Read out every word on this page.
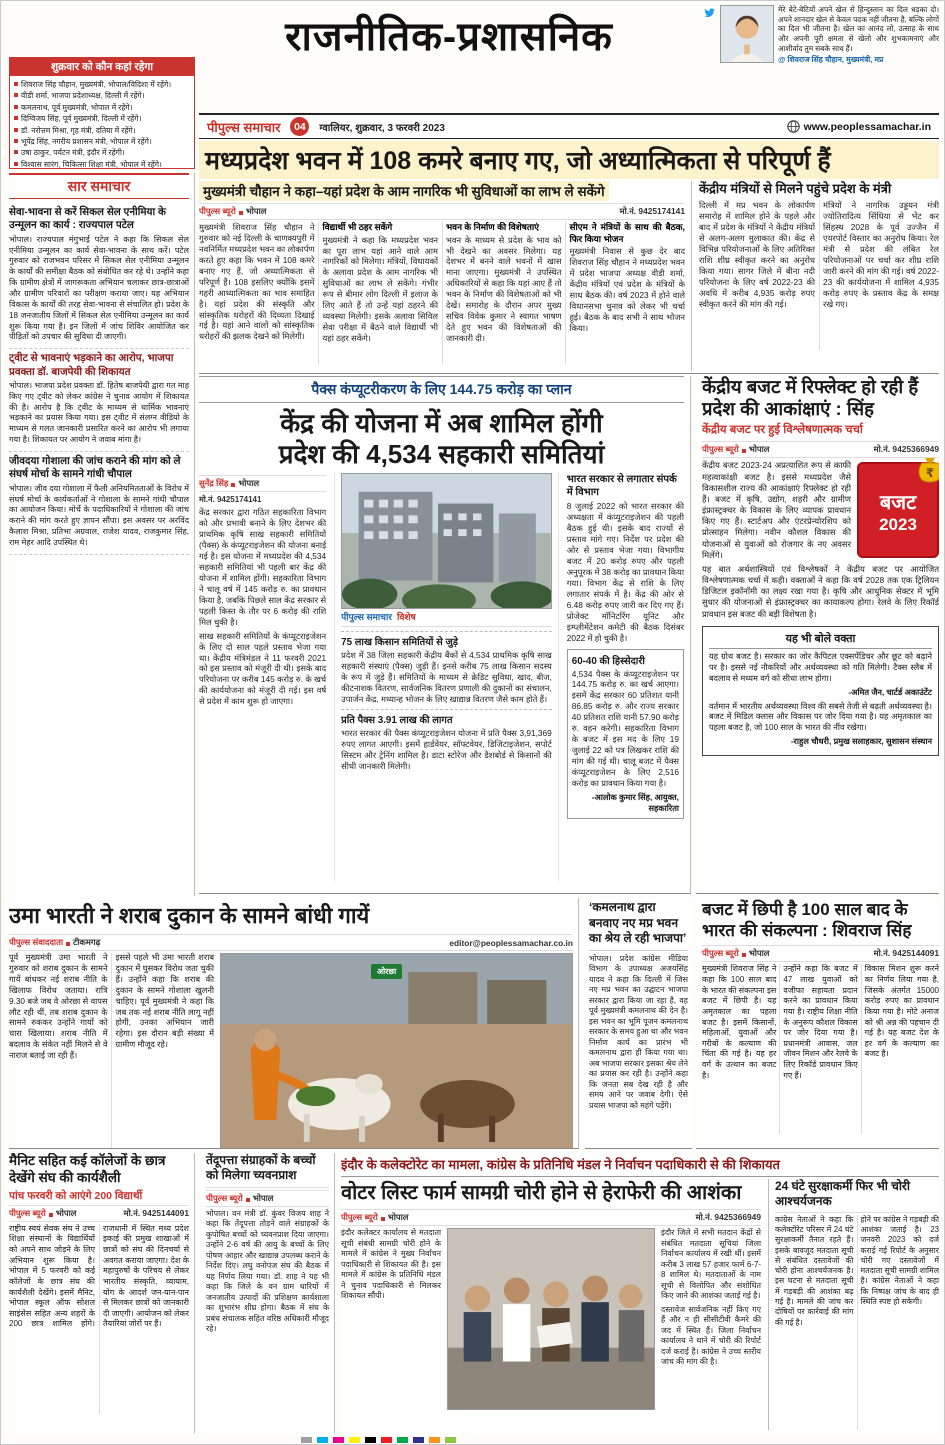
राजनीतिक-प्रशासनिक
शुक्रवार को कौन कहां रहेगा
शिवराज सिंह चौहान, मुख्यमंत्री, भोपाल/विदिशा में रहेंगे।
वीडी शर्मा, भाजपा प्रदेशाध्यक्ष, दिल्ली में रहेंगे।
कमलनाथ, पूर्व मुख्यमंत्री, भोपाल में रहेंगे।
दिग्विजय सिंह, पूर्व मुख्यमंत्री, दिल्ली में रहेंगे।
डॉ. नरोत्तम मिश्रा, गृह मंत्री, दतिया में रहेंगे।
भूपेंद्र सिंह, नगरीय प्रशासन मंत्री, भोपाल में रहेंगे।
उषा ठाकुर, पर्यटन मंत्री, इंदौर में रहेंगी।
विश्वास सारंग, चिकित्सा शिक्षा मंत्री, भोपाल में रहेंगे।
मेरे बेटे-बेटियों अपने खेल से हिन्दुस्तान का दिल धड़का दो। अपने शानदार खेल से केवल पदक नहीं जीतना है, बल्कि लोगों का दिल भी जीतना है। खेल का आनंद लो, उत्साह के साथ और अपनी पूरी क्षमता से खेलो और शुभकामनाएं और आशीर्वाद तुम सबके साथ हैं।
@ शिवराज सिंह चौहान, मुख्यमंत्री, मप्र
पीपुल्स समाचार	04	ग्वालियर, शुक्रवार, 3 फरवरी 2023	www.peoplessamachar.in
मध्यप्रदेश भवन में 108 कमरे बनाए गए, जो अध्यात्मिकता से परिपूर्ण हैं
मुख्यमंत्री चौहान ने कहा–यहां प्रदेश के आम नागरिक भी सुविधाओं का लाभ ले सकेंगे
पीपुल्स ब्यूरो भोपाल	मो.नं. 9425174141

मुख्यमंत्री शिवराज सिंह चौहान ने गुरुवार को नई दिल्ली के चाणक्यपुरी में नवनिर्मित मध्यप्रदेश भवन का लोकार्पण करते हुए कहा कि भवन में 108 कमरे बनाए गए हैं, जो अध्यात्मिकता से परिपूर्ण हैं। 108 इसलिए क्योंकि इसमें गहरी आध्यात्मिकता का भाव समाहित है। यहां प्रदेश की संस्कृति और सांस्कृतिक धरोहरों की दिव्यता दिखाई गई है। यहां आने वालों को सांस्कृतिक धरोहरों की झलक देखने को मिलेगी।

विद्यार्थी भी ठहर सकेंगे

मुख्यमंत्री ने कहा कि मध्यप्रदेश भवन का पूरा लाभ यहां आने वाले आम नागरिकों को मिलेगा। मंत्रियों, विधायकों के अलावा प्रदेश के आम नागरिक भी सुविधाओं का लाभ ले सकेंगे। गंभीर रूप से बीमार लोग दिल्ली में इलाज के लिए आते हैं तो उन्हें यहां ठहरने की व्यवस्था मिलेगी। इसके अलावा सिविल सेवा परीक्षा में बैठने वाले विद्यार्थी भी यहां ठहर सकेंगे।

भवन के निर्माण की विशेषताएं

भवन के माध्यम से प्रदेश के भाव को भी देखने का अवसर मिलेगा। यह देशभर में बनने वाले भवनों में खास माना जाएगा। मुख्यमंत्री ने उपस्थित अधिकारियों से कहा कि यहां आए हैं तो भवन के निर्माण की विशेषताओं को भी देखें। समारोह के दौरान अपर मुख्य सचिव विवेक कुमार ने स्वागत भाषण देते हुए भवन की विशेषताओं की जानकारी दी।

सीएम ने मंत्रियों के साथ की बैठक, फिर किया भोजन

मुख्यमंत्री निवास से कुछ देर बाद शिवराज सिंह चौहान ने मध्यप्रदेश भवन में प्रदेश भाजपा अध्यक्ष वीडी शर्मा, केंद्रीय मंत्रियों एवं प्रदेश के मंत्रियों के साथ बैठक की। वर्ष 2023 में होने वाले विधानसभा चुनाव को लेकर भी चर्चा हुई। बैठक के बाद सभी ने साथ भोजन किया।

केंद्रीय मंत्रियों से मिलने पहुंचे प्रदेश के मंत्री

दिल्ली में मप्र भवन के लोकार्पण समारोह में शामिल होने के पहले और बाद में प्रदेश के मंत्रियों ने केंद्रीय मंत्रियों से अलग-अलग मुलाकात की। केंद्र से विभिन्न परियोजनाओं के लिए अतिरिक्त राशि शीघ्र स्वीकृत करने का अनुरोध किया गया। सागर जिले में बीना नदी परियोजना के लिए वर्ष 2022-23 की अवधि में करीब 4,935 करोड़ रुपए स्वीकृत करने की मांग की गई।

मंत्रियों ने नागरिक उड्डयन मंत्री ज्योतिरादित्य सिंधिया से भेंट कर सिंहस्थ 2028 के पूर्व उज्जैन में एयरपोर्ट विस्तार का अनुरोध किया। रेल मंत्री से प्रदेश की लंबित रेल परियोजनाओं पर चर्चा कर शीघ्र राशि जारी करने की मांग की गई। वर्ष 2022-23 की कार्ययोजना में शामिल 4,935 करोड़ रुपए के प्रस्ताव केंद्र के समक्ष रखे गए।

सार समाचार
सेवा-भावना से करें सिकल सेल एनीमिया के उन्मूलन का कार्य : राज्यपाल पटेल
भोपाल। राज्यपाल मंगुभाई पटेल ने कहा कि सिकल सेल एनीमिया उन्मूलन का कार्य सेवा-भावना के साथ करें। पटेल गुरुवार को राजभवन परिसर में सिकल सेल एनीमिया उन्मूलन के कार्यों की समीक्षा बैठक को संबोधित कर रहे थे। उन्होंने कहा कि ग्रामीण क्षेत्रों में जागरूकता अभियान चलाकर छात्र-छात्राओं और ग्रामीण परिवारों का परीक्षण कराया जाए। यह अभियान विकास के कार्यों की तरह सेवा-भावना से संचालित हो। प्रदेश के 18 जनजातीय जिलों में सिकल सेल एनीमिया उन्मूलन का कार्य शुरू किया गया है। इन जिलों में जांच शिविर आयोजित कर पीड़ितों को उपचार की सुविधा दी जाएगी।
ट्वीट से भावनाएं भड़काने का आरोप, भाजपा प्रवक्ता डॉ. बाजपेयी की शिकायत
भोपाल। भाजपा प्रदेश प्रवक्ता डॉ. हितेष बाजपेयी द्वारा गत माह किए गए ट्वीट को लेकर कांग्रेस ने चुनाव आयोग में शिकायत की है। आरोप है कि ट्वीट के माध्यम से धार्मिक भावनाएं भड़काने का प्रयास किया गया। इस ट्वीट में संलग्न वीडियो के माध्यम से गलत जानकारी प्रसारित करने का आरोप भी लगाया गया है। शिकायत पर आयोग ने जवाब मांगा है।
जीवदया गोशाला की जांच कराने की मांग को ले संघर्ष मोर्चा के सामने गांधी चौपाल
भोपाल। जीव दया गोशाला में फैली अनियमितताओं के विरोध में संघर्ष मोर्चा के कार्यकर्ताओं ने गोशाला के सामने गांधी चौपाल का आयोजन किया। मोर्चे के पदाधिकारियों ने गोशाला की जांच कराने की मांग करते हुए ज्ञापन सौंपा। इस अवसर पर अरविंद कैलाश मिश्रा, प्रतिभा अग्रवाल, राजेश यादव, राजकुमार सिंह, राम मेहर आदि उपस्थित थे।
पैक्स कंप्यूटरीकरण के लिए 144.75 करोड़ का प्लान
केंद्र की योजना में अब शामिल होंगी
प्रदेश की 4,534 सहकारी समितियां
सुनेंद्र सिंह भोपाल
मो.नं. 9425174141

केंद्र सरकार द्वारा गठित सहकारिता विभाग को और प्रभावी बनाने के लिए देशभर की प्राथमिक कृषि साख सहकारी समितियों (पैक्स) के कंप्यूटराइजेशन की योजना बनाई गई है। इस योजना में मध्यप्रदेश की 4,534 सहकारी समितियां भी पहली बार केंद्र की योजना में शामिल होंगी। सहकारिता विभाग ने चालू वर्ष में 145 करोड़ रु. का प्रावधान किया है, जबकि पिछले साल केंद्र सरकार से पहली किस्त के तौर पर 6 करोड़ की राशि मिल चुकी है।

साख सहकारी समितियों के कंप्यूटराइजेशन के लिए दो साल पहले प्रस्ताव भेजा गया था। केंद्रीय मंत्रिमंडल ने 11 फरवरी 2021 को इस प्रस्ताव को मंजूरी दी थी। इसके बाद परियोजना पर करीब 145 करोड़ रु. के खर्च की कार्ययोजना को मंजूरी दी गई। इस वर्ष से प्रदेश में काम शुरू हो जाएगा।

पीपुल्स समाचार विशेष
75 लाख किसान समितियों से जुड़े
प्रदेश में 38 जिला सहकारी केंद्रीय बैंकों से 4,534 प्राथमिक कृषि साख सहकारी संस्थाएं (पैक्स) जुड़ी हैं। इनसे करीब 75 लाख किसान सदस्य के रूप में जुड़े हैं। समितियों के माध्यम से क्रेडिट सुविधा, खाद, बीज, कीटनाशक वितरण, सार्वजनिक वितरण प्रणाली की दुकानों का संचालन, उपार्जन केंद्र, मध्यान्ह भोजन के लिए खाद्यान्न वितरण जैसे काम होते हैं।
प्रति पैक्स 3.91 लाख की लागत
भारत सरकार की पैक्स कंप्यूटराइजेशन योजना में प्रति पैक्स 3,91,369 रुपए लागत आएगी। इसमें हार्डवेयर, सॉफ्टवेयर, डिजिटाइजेशन, सपोर्ट सिस्टम और ट्रेनिंग शामिल है। डाटा स्टोरेज और डैशबोर्ड से किसानों की सीधी जानकारी मिलेगी।
भारत सरकार से लगातार संपर्क में विभाग
8 जुलाई 2022 को भारत सरकार की अध्यक्षता में कंप्यूटराइजेशन की पहली बैठक हुई थी। इसके बाद राज्यों से प्रस्ताव मांगे गए। निर्देश पर प्रदेश की ओर से प्रस्ताव भेजा गया। विभागीय बजट में 20 करोड़ रुपए और पहली अनुपूरक में 38 करोड़ का प्रावधान किया गया। विभाग केंद्र से राशि के लिए लगातार संपर्क में है। केंद्र की ओर से 6.48 करोड़ रुपए जारी कर दिए गए हैं। प्रोजेक्ट मॉनिटरिंग यूनिट और इम्प्लीमेंटेशन कमेटी की बैठक दिसंबर 2022 में हो चुकी है।
60-40 की हिस्सेदारी
4,534 पैक्स के कंप्यूटराइजेशन पर 144.75 करोड़ रु. का खर्च आएगा। इसमें केंद्र सरकार 60 प्रतिशत यानी 86.85 करोड़ रु. और राज्य सरकार 40 प्रतिशत राशि यानी 57.90 करोड़ रु. वहन करेगी। सहकारिता विभाग के बजट में इस मद के लिए 19 जुलाई 22 को पत्र लिखकर राशि की मांग की गई थी। चालू बजट में पैक्स कंप्यूटराइजेशन के लिए 2,516 करोड़ का प्रावधान किया गया है।
-आलोक कुमार सिंह, आयुक्त, सहकारिता
केंद्रीय बजट में रिफ्लेक्ट हो रही हैं प्रदेश की आकांक्षाएं : सिंह
केंद्रीय बजट पर हुई विश्लेषणात्मक चर्चा
पीपुल्स ब्यूरो भोपाल	मो.नं. 9425366949
₹
बजट
2023

केंद्रीय बजट 2023-24 अप्रत्याशित रूप से काफी महत्वाकांक्षी बजट है। इससे मध्यप्रदेश जैसे विकासशील राज्य की आकांक्षाएं रिफ्लेक्ट हो रही हैं। बजट में कृषि, उद्योग, शहरी और ग्रामीण इंफ्रास्ट्रक्चर के विकास के लिए व्यापक प्रावधान किए गए हैं। स्टार्टअप और एंटरप्रेन्योरशिप को प्रोत्साहन मिलेगा। नवीन कौशल विकास की योजनाओं से युवाओं को रोजगार के नए अवसर मिलेंगे।

यह बात अर्थशास्त्रियों एवं विश्लेषकों ने केंद्रीय बजट पर आयोजित विश्लेषणात्मक चर्चा में कही। वक्ताओं ने कहा कि वर्ष 2028 तक एक ट्रिलियन डिजिटल इकॉनॉमी का लक्ष्य रखा गया है। कृषि और आधुनिक सेक्टर में भूमि सुधार की योजनाओं से इंफ्रास्ट्रक्चर का कायाकल्प होगा। रेलवे के लिए रिकॉर्ड प्रावधान इस बजट की बड़ी विशेषता है।

यह भी बोले वक्ता
यह ग्रोथ बजट है। सरकार का जोर कैपिटल एक्सपेंडिचर और छूट को बढ़ाने पर है। इससे नई नौकरियों और अर्थव्यवस्था को गति मिलेगी। टैक्स स्लैब में बदलाव से मध्यम वर्ग को सीधा लाभ होगा।
-अमित जैन, चार्टर्ड अकाउंटेंट
वर्तमान में भारतीय अर्थव्यवस्था विश्व की सबसे तेजी से बढ़ती अर्थव्यवस्था है। बजट में मिडिल क्लास और विकास पर जोर दिया गया है। यह अमृतकाल का पहला बजट है, जो 100 साल के भारत की नींव रखेगा।
-राहुल चौधरी, प्रमुख सलाहकार, सुशासन संस्थान
उमा भारती ने शराब दुकान के सामने बांधी गायें
पीपुल्स संवाददाता टीकमगढ़	editor@peoplessamachar.co.in

पूर्व मुख्यमंत्री उमा भारती ने गुरुवार को शराब दुकान के सामने गायें बांधकर नई शराब नीति के खिलाफ विरोध जताया। रात्रि 9.30 बजे जब वे ओरछा से वापस लौट रही थीं, तब शराब दुकान के सामने रुककर उन्होंने गायों को चारा खिलाया। शराब नीति में बदलाव के संकेत नहीं मिलने से वे नाराज बताई जा रही हैं।

इससे पहले भी उमा भारती शराब दुकान में घुसकर विरोध जता चुकी हैं। उन्होंने कहा कि शराब की दुकान के सामने गोशाला खुलनी चाहिए। पूर्व मुख्यमंत्री ने कहा कि जब तक नई शराब नीति लागू नहीं होगी, उनका अभियान जारी रहेगा। इस दौरान बड़ी संख्या में ग्रामीण मौजूद रहे।

ओरछा
‘कमलनाथ द्वारा बनवाए नए मप्र भवन का श्रेय ले रही भाजपा’
भोपाल। प्रदेश कांग्रेस मीडिया विभाग के उपाध्यक्ष अजयसिंह यादव ने कहा कि दिल्ली में जिस नए मप्र भवन का उद्घाटन भाजपा सरकार द्वारा किया जा रहा है, वह पूर्व मुख्यमंत्री कमलनाथ की देन है। इस भवन का भूमि पूजन कमलनाथ सरकार के समय हुआ था और भवन निर्माण कार्य का प्रारंभ भी कमलनाथ द्वारा ही किया गया था। अब भाजपा सरकार इसका श्रेय लेने का प्रयास कर रही है। उन्होंने कहा कि जनता सब देख रही है और समय आने पर जवाब देगी। ऐसे प्रयास भाजपा को महंगे पड़ेंगे।
बजट में छिपी है 100 साल बाद के भारत की संकल्पना : शिवराज सिंह
पीपुल्स ब्यूरो भोपाल	मो.नं. 9425144091

मुख्यमंत्री शिवराज सिंह ने कहा कि 100 साल बाद के भारत की संकल्पना इस बजट में छिपी है। यह अमृतकाल का पहला बजट है। इसमें किसानों, महिलाओं, युवाओं और गरीबों के कल्याण की चिंता की गई है। यह हर वर्ग के उत्थान का बजट है।

उन्होंने कहा कि बजट में 47 लाख युवाओं को वजीफा सहायता प्रदान करने का प्रावधान किया गया है। राष्ट्रीय शिक्षा नीति के अनुरूप कौशल विकास पर जोर दिया गया है। प्रधानमंत्री आवास, जल जीवन मिशन और रेलवे के लिए रिकॉर्ड प्रावधान किए गए हैं।

विकास मिशन शुरू करने का निर्णय लिया गया है, जिसके अंतर्गत 15000 करोड़ रुपए का प्रावधान किया गया है। मोटे अनाज को श्री अन्न की पहचान दी गई है। यह बजट देश के हर वर्ग के कल्याण का बजट है।

मैनिट सहित कई कॉलेजों के छात्र देखेंगे संघ की कार्यशैली
पांच फरवरी को आएंगे 200 विद्यार्थी
पीपुल्स ब्यूरो भोपाल	मो.नं. 9425144091
राष्ट्रीय स्वयं सेवक संघ ने उच्च शिक्षा संस्थानों के विद्यार्थियों को अपने साथ जोड़ने के लिए अभियान शुरू किया है। भोपाल में 5 फरवरी को कई कॉलेजों के छात्र संघ की कार्यशैली देखेंगे। इसमें मैनिट, भोपाल स्कूल ऑफ सोशल साइंसेस सहित अन्य शहरों के 200 छात्र शामिल होंगे। राजधानी में स्थित मध्य प्रदेश इकाई की प्रमुख शाखाओं में छात्रों को संघ की दिनचर्या से अवगत कराया जाएगा। देश के महापुरुषों के परिचय से लेकर भारतीय संस्कृति, व्यायाम, योग के आदर्श जन-यान-पान से मिलकर छात्रों को जानकारी दी जाएगी। आयोजन को लेकर तैयारियां जोरों पर हैं।
तेंदूपत्ता संग्राहकों के बच्चों को मिलेगा च्यवनप्राश
पीपुल्स ब्यूरो भोपाल
भोपाल। वन मंत्री डॉ. कुंवर विजय शाह ने कहा कि तेंदूपत्ता तोड़ने वाले संग्राहकों के कुपोषित बच्चों को च्यवनप्राश दिया जाएगा। उन्होंने 2-6 वर्ष की आयु के बच्चों के लिए पोषण आहार और खाद्यान्न उपलब्ध कराने के निर्देश दिए। लघु वनोपज संघ की बैठक में यह निर्णय लिया गया। डॉ. शाह ने यह भी कहा कि जिले के वन ग्राम धारियों में जनजातीय उत्पादों की प्रशिक्षण कार्यशाला का शुभारंभ शीघ्र होगा। बैठक में संघ के प्रबंध संचालक सहित वरिष्ठ अधिकारी मौजूद रहे।
इंदौर के कलेक्टोरेट का मामला, कांग्रेस के प्रतिनिधि मंडल ने निर्वाचन पदाधिकारी से की शिकायत
वोटर लिस्ट फार्म सामग्री चोरी होने से हेराफेरी की आशंका
पीपुल्स ब्यूरो भोपाल	मो.नं. 9425366949
इंदौर कलेक्टर कार्यालय से मतदाता सूची संबंधी सामग्री चोरी होने के मामले में कांग्रेस ने मुख्य निर्वाचन पदाधिकारी से शिकायत की है। इस मामले में कांग्रेस के प्रतिनिधि मंडल ने चुनाव पदाधिकारी से मिलकर शिकायत सौंपी।

इंदौर जिले में सभी मतदान केंद्रों से संबंधित मतदाता सूचियां जिला निर्वाचन कार्यालय में रखी थीं। इसमें करीब 3 लाख 57 हजार फार्म 6-7-8 शामिल थे। मतदाताओं के नाम सूची से विलोपित और संशोधित किए जाने की आशंका जताई गई है।

दस्तावेज सार्वजनिक नहीं किए गए हैं और न ही सीसीटीवी कैमरे की जद में स्थित हैं। जिला निर्वाचन कार्यालय ने थाने में चोरी की रिपोर्ट दर्ज कराई है। कांग्रेस ने उच्च स्तरीय जांच की मांग की है।

24 घंटे सुरक्षाकर्मी फिर भी चोरी आश्चर्यजनक

कांग्रेस नेताओं ने कहा कि कलेक्टोरेट परिसर में 24 घंटे सुरक्षाकर्मी तैनात रहते हैं। इसके बावजूद मतदाता सूची से संबंधित दस्तावेजों की चोरी होना आश्चर्यजनक है। इस घटना से मतदाता सूची में गड़बड़ी की आशंका बढ़ गई है। मामले की जांच कर दोषियों पर कार्रवाई की मांग की गई है।

होने पर कांग्रेस ने गड़बड़ी की आशंका जताई है। 23 जनवरी 2023 को दर्ज कराई गई रिपोर्ट के अनुसार चोरी गए दस्तावेजों में मतदाता सूची सामग्री शामिल है। कांग्रेस नेताओं ने कहा कि निष्पक्ष जांच के बाद ही स्थिति स्पष्ट हो सकेगी।
